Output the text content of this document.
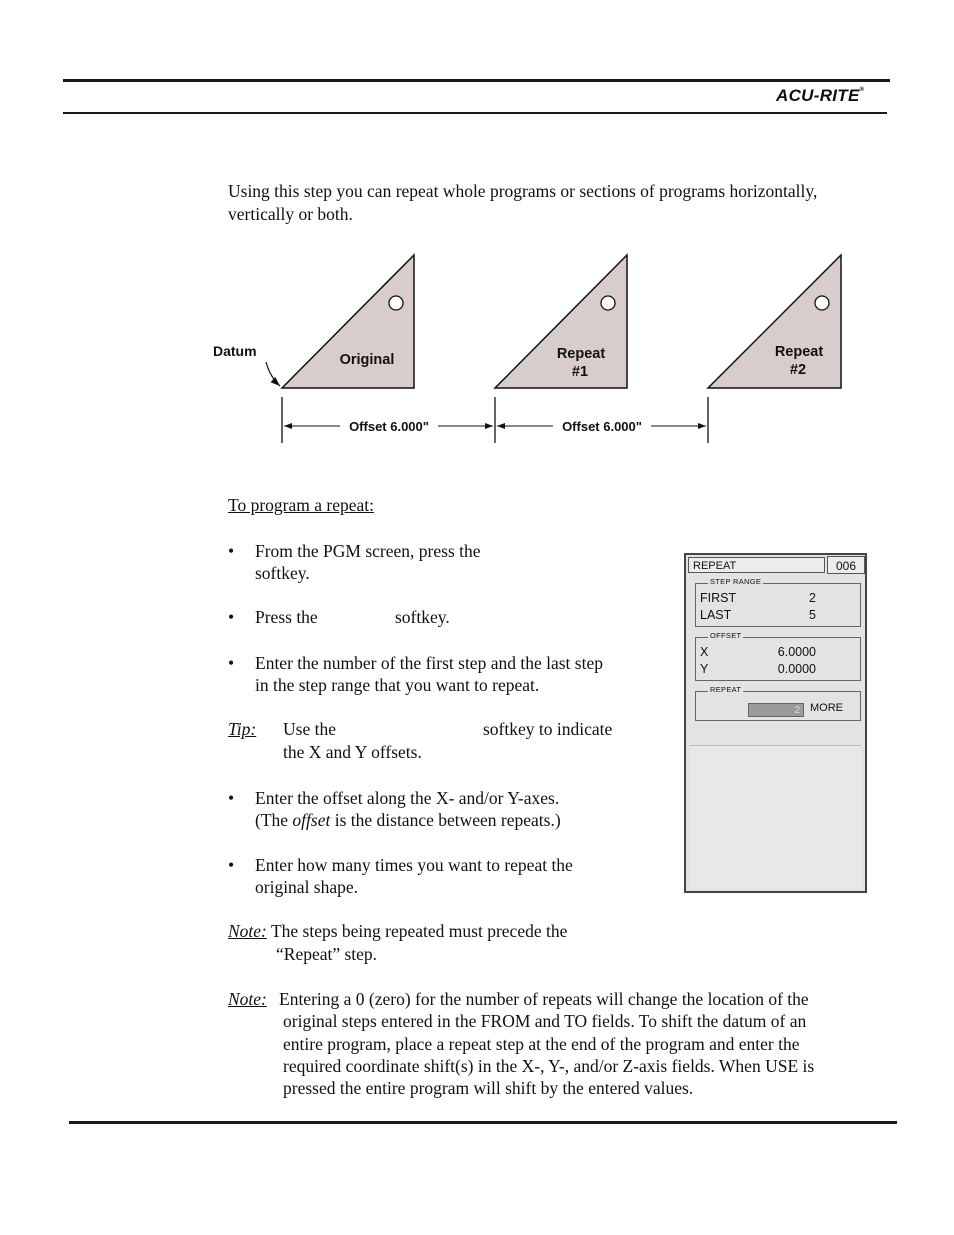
ACU-RITE®
Using this step you can repeat whole programs or sections of programs horizontally,
vertically or both.
Datum
Original	Repeat
#1
Repeat
#2
Offset 6.000"	Offset 6.000"
To program a repeat:
• From the PGM screen, press the
softkey.
• Press the	softkey.
• Enter the number of the first step and the last step
in the step range that you want to repeat.
Tip: Use the	softkey to indicate
the X and Y offsets.
• Enter the offset along the X- and/or Y-axes.
(The offset is the distance between repeats.)
• Enter how many times you want to repeat the
original shape.
Note: The steps being repeated must precede the
“Repeat” step.
Note: Entering a 0 (zero) for the number of repeats will change the location of the
original steps entered in the FROM and TO fields. To shift the datum of an
entire program, place a repeat step at the end of the program and enter the
required coordinate shift(s) in the X-, Y-, and/or Z-axis fields. When USE is
pressed the entire program will shift by the entered values.
REPEAT	006
STEP RANGE
FIRST	2
LAST	5
OFFSET
X	6.0000
Y	0.0000
REPEAT
2 MORE
